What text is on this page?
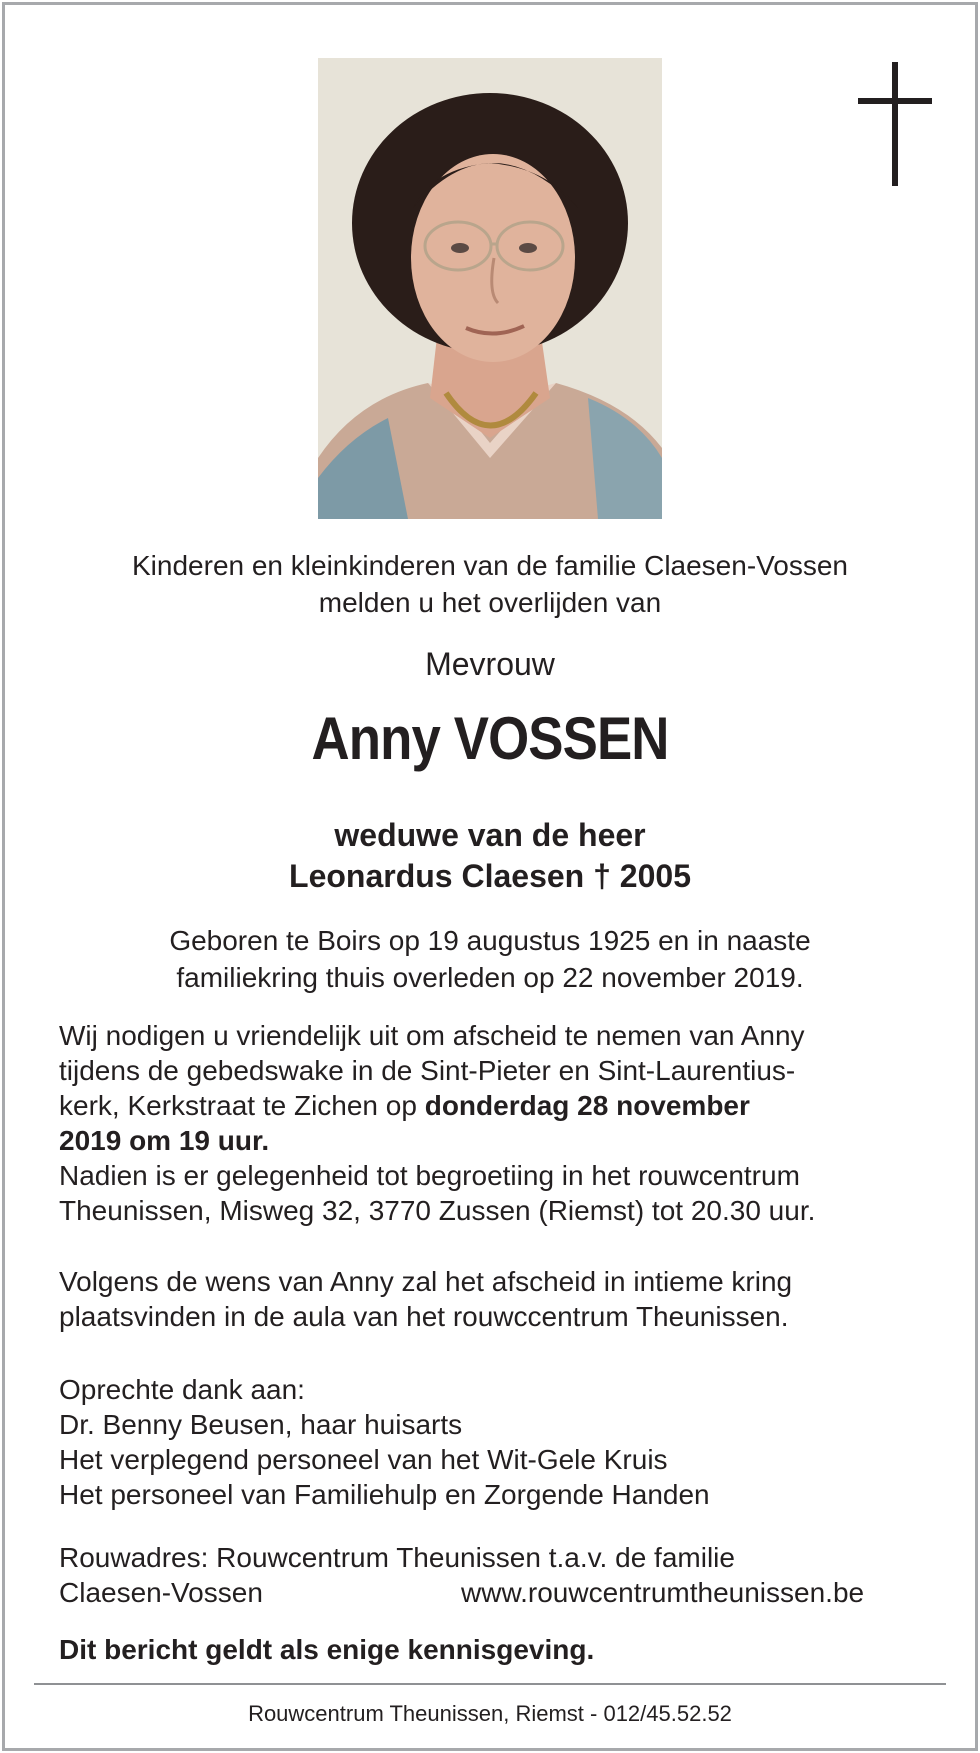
Kinderen en kleinkinderen van de familie Claesen-Vossen
melden u het overlijden van
Mevrouw
Anny VOSSEN
weduwe van de heer
Leonardus Claesen † 2005
Geboren te Boirs op 19 augustus 1925 en in naaste
familiekring thuis overleden op 22 november 2019.
Wij nodigen u vriendelijk uit om afscheid te nemen van Anny
tijdens de gebedswake in de Sint-Pieter en Sint-Laurentius-
kerk, Kerkstraat te Zichen op donderdag 28 november
2019 om 19 uur.
Nadien is er gelegenheid tot begroetiing in het rouwcentrum
Theunissen, Misweg 32, 3770 Zussen (Riemst) tot 20.30 uur.
Volgens de wens van Anny zal het afscheid in intieme kring
plaatsvinden in de aula van het rouwccentrum Theunissen.
Oprechte dank aan:
Dr. Benny Beusen, haar huisarts
Het verplegend personeel van het Wit-Gele Kruis
Het personeel van Familiehulp en Zorgende Handen
Rouwadres: Rouwcentrum Theunissen t.a.v. de familie
Claesen-Vossen	www.rouwcentrumtheunissen.be
Dit bericht geldt als enige kennisgeving.
Rouwcentrum Theunissen, Riemst - 012/45.52.52
